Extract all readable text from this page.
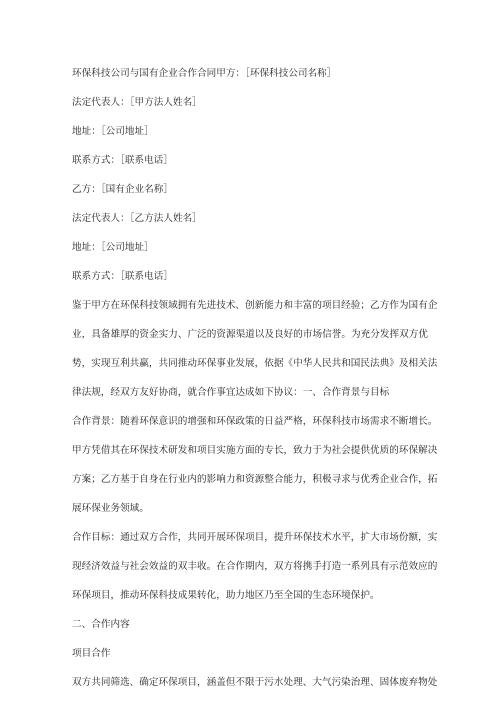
环保科技公司与国有企业合作合同甲方：［环保科技公司名称］
法定代表人：［甲方法人姓名］
地址：［公司地址］
联系方式：［联系电话］
乙方：［国有企业名称］
法定代表人：［乙方法人姓名］
地址：［公司地址］
联系方式：［联系电话］
鉴于甲方在环保科技领域拥有先进技术、创新能力和丰富的项目经验；乙方作为国有企
业，具备雄厚的资金实力、广泛的资源渠道以及良好的市场信誉。为充分发挥双方优
势，实现互利共赢，共同推动环保事业发展，依据《中华人民共和国民法典》及相关法
律法规，经双方友好协商，就合作事宜达成如下协议：一、合作背景与目标
合作背景：随着环保意识的增强和环保政策的日益严格，环保科技市场需求不断增长。
甲方凭借其在环保技术研发和项目实施方面的专长，致力于为社会提供优质的环保解决
方案；乙方基于自身在行业内的影响力和资源整合能力，积极寻求与优秀企业合作，拓
展环保业务领域。
合作目标：通过双方合作，共同开展环保项目，提升环保技术水平，扩大市场份额，实
现经济效益与社会效益的双丰收。在合作期内，双方将携手打造一系列具有示范效应的
环保项目，推动环保科技成果转化，助力地区乃至全国的生态环境保护。
二、合作内容
项目合作
双方共同筛选、确定环保项目，涵盖但不限于污水处理、大气污染治理、固体废弃物处
